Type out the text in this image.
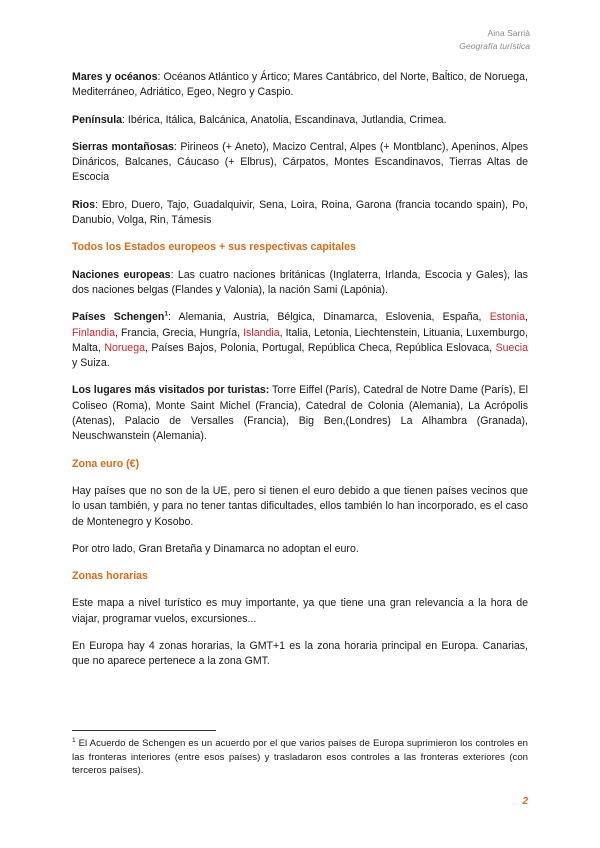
Aina Sarrià
Geografía turística

Mares y océanos: Océanos Atlántico y Ártico; Mares Cantábrico, del Norte, Baĺtico, de Noruega, Mediterráneo, Adriático, Egeo, Negro y Caspio.

Península: Ibérica, Itálica, Balcánica, Anatolia, Escandinava, Jutlandia, Crimea.

Sierras montañosas: Pirineos (+ Aneto), Macizo Central, Alpes (+ Montblanc), Apeninos, Alpes Dináricos, Balcanes, Cáucaso (+ Elbrus), Cárpatos, Montes Escandinavos, Tierras Altas de Escocia

Rios: Ebro, Duero, Tajo, Guadalquivir, Sena, Loira, Roina, Garona (francia tocando spain), Po, Danubio, Volga, Rin, Támesis

Todos los Estados europeos + sus respectivas capitales

Naciones europeas: Las cuatro naciones británicas (Inglaterra, Irlanda, Escocia y Gales), las dos naciones belgas (Flandes y Valonia), la nación Sami (Lapónia).

Países Schengen$^1$: Alemania, Austria, Bélgica, Dinamarca, Eslovenia, España, Estonia, Finlandia, Francia, Grecia, Hungría, Islandia, Italia, Letonia, Liechtenstein, Lituania, Luxemburgo, Malta, Noruega, Países Bajos, Polonia, Portugal, República Checa, República Eslovaca, Suecia y Suiza.

Los lugares más visitados por turistas: Torre Eiffel (París), Catedral de Notre Dame (París), El Coliseo (Roma), Monte Saint Michel (Francia), Catedral de Colonia (Alemania), La Acrópolis (Atenas), Palacio de Versalles (Francia), Big Ben,(Londres) La Alhambra (Granada), Neuschwanstein (Alemania).

Zona euro (€)

Hay países que no son de la UE, pero si tienen el euro debido a que tienen países vecinos que lo usan también, y para no tener tantas dificultades, ellos también lo han incorporado, es el caso de Montenegro y Kosobo.

Por otro lado, Gran Bretaña y Dinamarca no adoptan el euro.

Zonas horarias

Este mapa a nivel turístico es muy importante, ya que tiene una gran relevancia a la hora de viajar, programar vuelos, excursiones...

En Europa hay 4 zonas horarias, la GMT+1 es la zona horaria principal en Europa. Canarias, que no aparece pertenece a la zona GMT.

$^1$ El Acuerdo de Schengen es un acuerdo por el que varios países de Europa suprimieron los controles en las fronteras interiores (entre esos países) y trasladaron esos controles a las fronteras exteriores (con terceros países).

2
